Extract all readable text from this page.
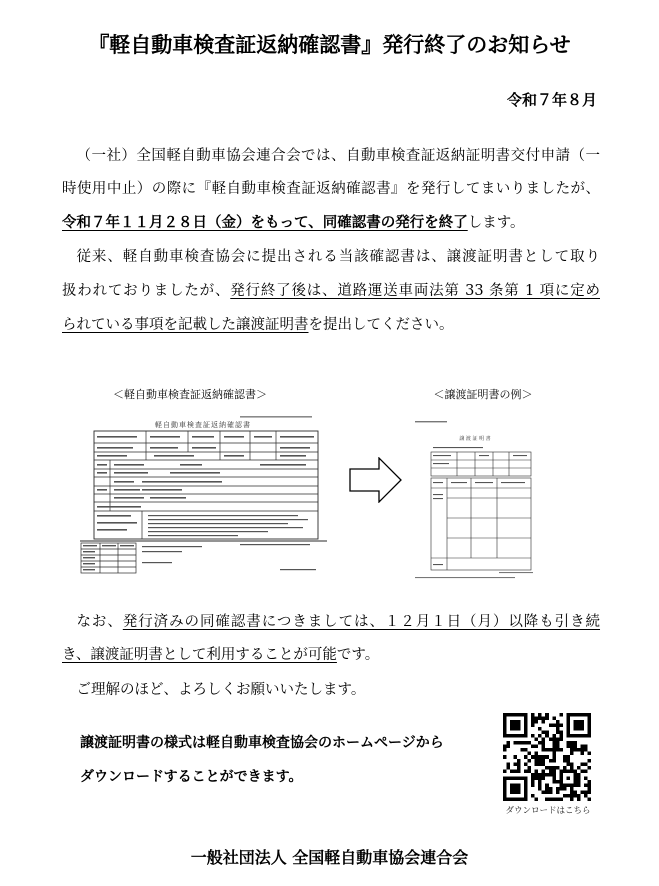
『軽自動車検査証返納確認書』発行終了のお知らせ
令和７年８月
（一社）全国軽自動車協会連合会では、自動車検査証返納証明書交付申請（一
時使用中止）の際に『軽自動車検査証返納確認書』を発行してまいりましたが、
令和７年１１月２８日（金）をもって、同確認書の発行を終了します。
従来、軽自動車検査協会に提出される当該確認書は、譲渡証明書として取り
扱われておりましたが、発行終了後は、道路運送車両法第 33 条第 1 項に定め
られている事項を記載した譲渡証明書を提出してください。
＜軽自動車検査証返納確認書＞	＜譲渡証明書の例＞
軽自動車検査証返納確認書
譲 渡 証 明 書
なお、発行済みの同確認書につきましては、１２月１日（月）以降も引き続
き、譲渡証明書として利用することが可能です。
ご理解のほど、よろしくお願いいたします。
譲渡証明書の様式は軽自動車検査協会のホームページから
ダウンロードすることができます。
ダウンロードはこちら
一般社団法人 全国軽自動車協会連合会
